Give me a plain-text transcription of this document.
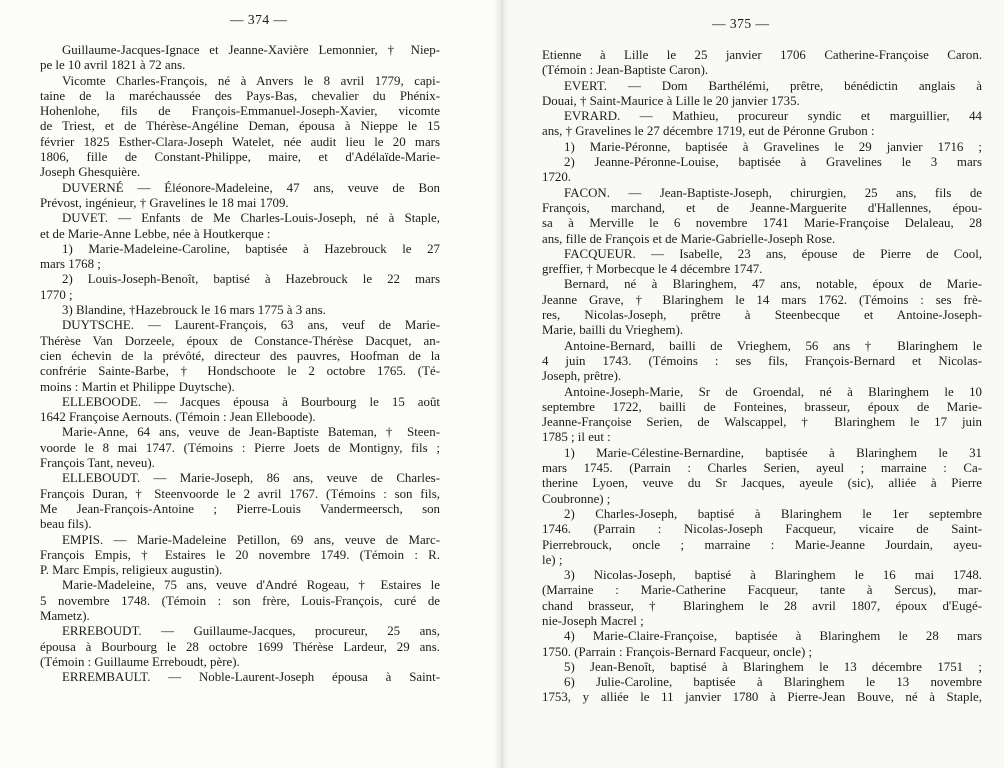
— 374 —
Guillaume-Jacques-Ignace et Jeanne-Xavière Lemonnier, † Niep-
pe le 10 avril 1821 à 72 ans.
Vicomte Charles-François, né à Anvers le 8 avril 1779, capi-
taine de la maréchaussée des Pays-Bas, chevalier du Phénix-
Hohenlohe, fils de François-Emmanuel-Joseph-Xavier, vicomte
de Triest, et de Thérèse-Angéline Deman, épousa à Nieppe le 15
février 1825 Esther-Clara-Joseph Watelet, née audit lieu le 20 mars
1806, fille de Constant-Philippe, maire, et d'Adélaïde-Marie-
Joseph Ghesquière.
DUVERNÉ — Éléonore-Madeleine, 47 ans, veuve de Bon
Prévost, ingénieur, † Gravelines le 18 mai 1709.
DUVET. — Enfants de Me Charles-Louis-Joseph, né à Staple,
et de Marie-Anne Lebbe, née à Houtkerque :
1) Marie-Madeleine-Caroline, baptisée à Hazebrouck le 27
mars 1768 ;
2) Louis-Joseph-Benoît, baptisé à Hazebrouck le 22 mars
1770 ;
3) Blandine, †Hazebrouck le 16 mars 1775 à 3 ans.
DUYTSCHE. — Laurent-François, 63 ans, veuf de Marie-
Thérèse Van Dorzeele, époux de Constance-Thérèse Dacquet, an-
cien échevin de la prévôté, directeur des pauvres, Hoofman de la
confrérie Sainte-Barbe, † Hondschoote le 2 octobre 1765. (Té-
moins : Martin et Philippe Duytsche).
ELLEBOODE. — Jacques épousa à Bourbourg le 15 août
1642 Françoise Aernouts. (Témoin : Jean Elleboode).
Marie-Anne, 64 ans, veuve de Jean-Baptiste Bateman, † Steen-
voorde le 8 mai 1747. (Témoins : Pierre Joets de Montigny, fils ;
François Tant, neveu).
ELLEBOUDT. — Marie-Joseph, 86 ans, veuve de Charles-
François Duran, † Steenvoorde le 2 avril 1767. (Témoins : son fils,
Me Jean-François-Antoine ; Pierre-Louis Vandermeersch, son
beau fils).
EMPIS. — Marie-Madeleine Petillon, 69 ans, veuve de Marc-
François Empis, † Estaires le 20 novembre 1749. (Témoin : R.
P. Marc Empis, religieux augustin).
Marie-Madeleine, 75 ans, veuve d'André Rogeau, † Estaires le
5 novembre 1748. (Témoin : son frère, Louis-François, curé de
Mametz).
ERREBOUDT. — Guillaume-Jacques, procureur, 25 ans,
épousa à Bourbourg le 28 octobre 1699 Thérèse Lardeur, 29 ans.
(Témoin : Guillaume Erreboudt, père).
ERREMBAULT. — Noble-Laurent-Joseph épousa à Saint-
— 375 —
Etienne à Lille le 25 janvier 1706 Catherine-Françoise Caron.
(Témoin : Jean-Baptiste Caron).
EVERT. — Dom Barthélémi, prêtre, bénédictin anglais à
Douai, † Saint-Maurice à Lille le 20 janvier 1735.
EVRARD. — Mathieu, procureur syndic et marguillier, 44
ans, † Gravelines le 27 décembre 1719, eut de Péronne Grubon :
1) Marie-Péronne, baptisée à Gravelines le 29 janvier 1716 ;
2) Jeanne-Péronne-Louise, baptisée à Gravelines le 3 mars
1720.
FACON. — Jean-Baptiste-Joseph, chirurgien, 25 ans, fils de
François, marchand, et de Jeanne-Marguerite d'Hallennes, épou-
sa à Merville le 6 novembre 1741 Marie-Françoise Delaleau, 28
ans, fille de François et de Marie-Gabrielle-Joseph Rose.
FACQUEUR. — Isabelle, 23 ans, épouse de Pierre de Cool,
greffier, † Morbecque le 4 décembre 1747.
Bernard, né à Blaringhem, 47 ans, notable, époux de Marie-
Jeanne Grave, † Blaringhem le 14 mars 1762. (Témoins : ses frè-
res, Nicolas-Joseph, prêtre à Steenbecque et Antoine-Joseph-
Marie, bailli du Vrieghem).
Antoine-Bernard, bailli de Vrieghem, 56 ans † Blaringhem le
4 juin 1743. (Témoins : ses fils, François-Bernard et Nicolas-
Joseph, prêtre).
Antoine-Joseph-Marie, Sr de Groendal, né à Blaringhem le 10
septembre 1722, bailli de Fonteines, brasseur, époux de Marie-
Jeanne-Françoise Serien, de Walscappel, † Blaringhem le 17 juin
1785 ; il eut :
1) Marie-Célestine-Bernardine, baptisée à Blaringhem le 31
mars 1745. (Parrain : Charles Serien, ayeul ; marraine : Ca-
therine Lyoen, veuve du Sr Jacques, ayeule (sic), alliée à Pierre
Coubronne) ;
2) Charles-Joseph, baptisé à Blaringhem le 1er septembre
1746. (Parrain : Nicolas-Joseph Facqueur, vicaire de Saint-
Pierrebrouck, oncle ; marraine : Marie-Jeanne Jourdain, ayeu-
le) ;
3) Nicolas-Joseph, baptisé à Blaringhem le 16 mai 1748.
(Marraine : Marie-Catherine Facqueur, tante à Sercus), mar-
chand brasseur, † Blaringhem le 28 avril 1807, époux d'Eugé-
nie-Joseph Macrel ;
4) Marie-Claire-Françoise, baptisée à Blaringhem le 28 mars
1750. (Parrain : François-Bernard Facqueur, oncle) ;
5) Jean-Benoît, baptisé à Blaringhem le 13 décembre 1751 ;
6) Julie-Caroline, baptisée à Blaringhem le 13 novembre
1753, y alliée le 11 janvier 1780 à Pierre-Jean Bouve, né à Staple,
